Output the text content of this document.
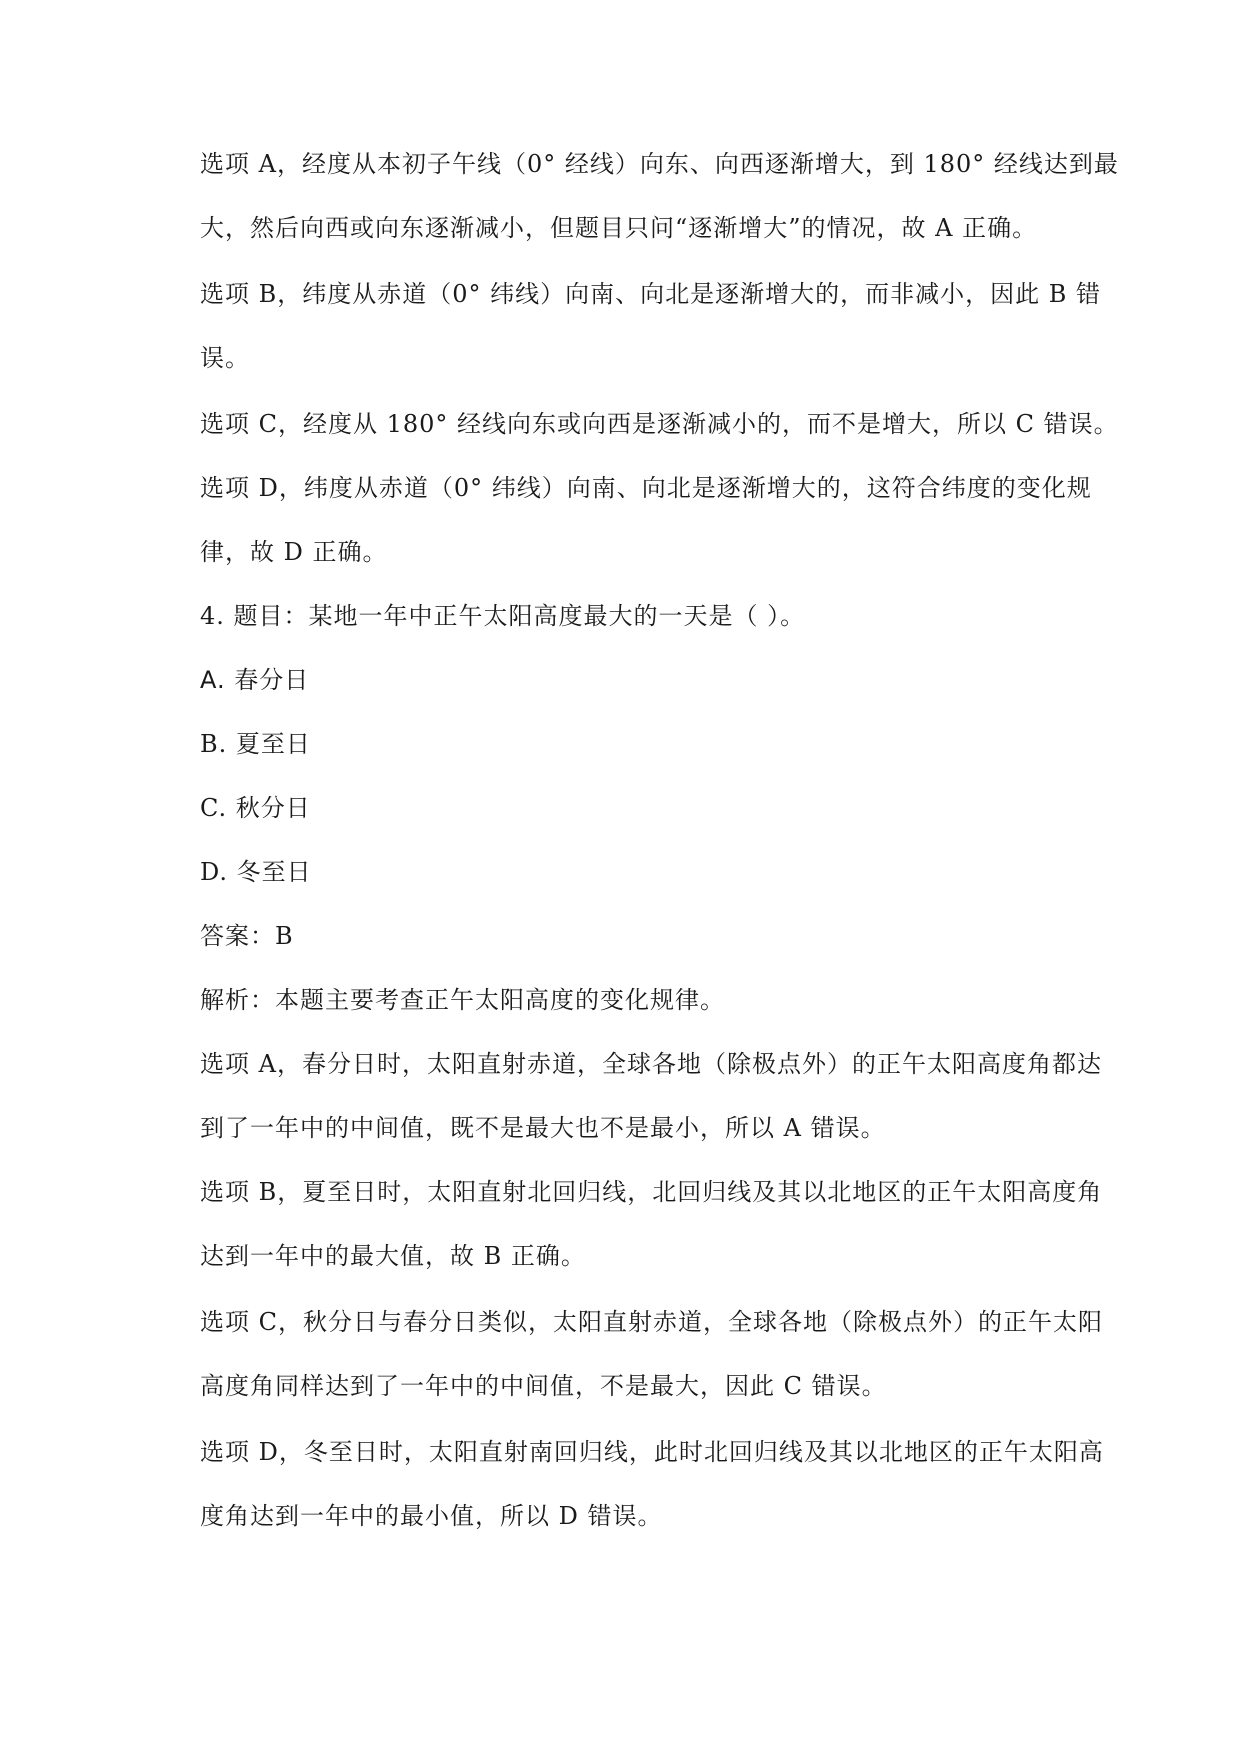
选项 A，经度从本初子午线（0° 经线）向东、向西逐渐增大，到 180° 经线达到最
大，然后向西或向东逐渐减小，但题目只问“逐渐增大”的情况，故 A 正确。
选项 B，纬度从赤道（0° 纬线）向南、向北是逐渐增大的，而非减小，因此 B 错
误。
选项 C，经度从 180° 经线向东或向西是逐渐减小的，而不是增大，所以 C 错误。
选项 D，纬度从赤道（0° 纬线）向南、向北是逐渐增大的，这符合纬度的变化规
律，故 D 正确。
4. 题目：某地一年中正午太阳高度最大的一天是（ ）。
A. 春分日
B. 夏至日
C. 秋分日
D. 冬至日
答案：B
解析：本题主要考查正午太阳高度的变化规律。
选项 A，春分日时，太阳直射赤道，全球各地（除极点外）的正午太阳高度角都达
到了一年中的中间值，既不是最大也不是最小，所以 A 错误。
选项 B，夏至日时，太阳直射北回归线，北回归线及其以北地区的正午太阳高度角
达到一年中的最大值，故 B 正确。
选项 C，秋分日与春分日类似，太阳直射赤道，全球各地（除极点外）的正午太阳
高度角同样达到了一年中的中间值，不是最大，因此 C 错误。
选项 D，冬至日时，太阳直射南回归线，此时北回归线及其以北地区的正午太阳高
度角达到一年中的最小值，所以 D 错误。
